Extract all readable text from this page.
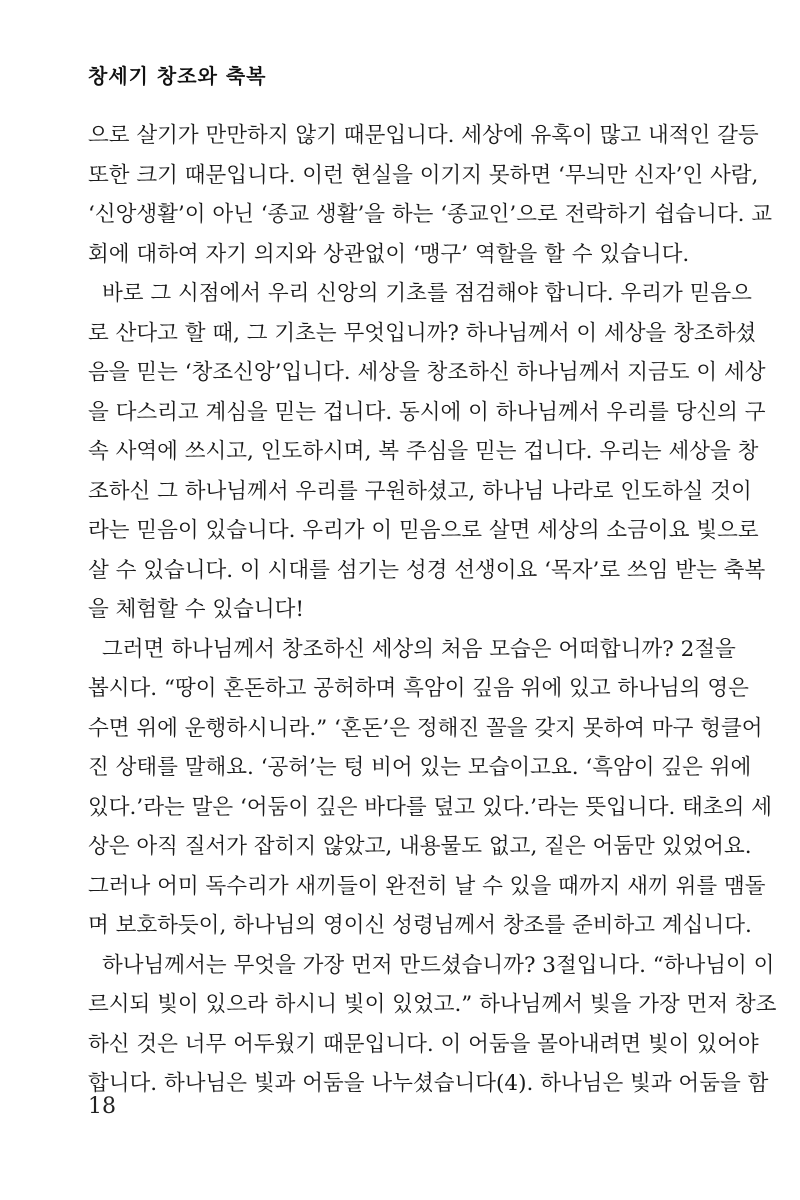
창세기 창조와 축복
으로 살기가 만만하지 않기 때문입니다. 세상에 유혹이 많고 내적인 갈등
또한 크기 때문입니다. 이런 현실을 이기지 못하면 ‘무늬만 신자’인 사람,
‘신앙생활’이 아닌 ‘종교 생활’을 하는 ‘종교인’으로 전락하기 쉽습니다. 교
회에 대하여 자기 의지와 상관없이 ‘맹구’ 역할을 할 수 있습니다.
바로 그 시점에서 우리 신앙의 기초를 점검해야 합니다. 우리가 믿음으
로 산다고 할 때, 그 기초는 무엇입니까? 하나님께서 이 세상을 창조하셨
음을 믿는 ‘창조신앙’입니다. 세상을 창조하신 하나님께서 지금도 이 세상
을 다스리고 계심을 믿는 겁니다. 동시에 이 하나님께서 우리를 당신의 구
속 사역에 쓰시고, 인도하시며, 복 주심을 믿는 겁니다. 우리는 세상을 창
조하신 그 하나님께서 우리를 구원하셨고, 하나님 나라로 인도하실 것이
라는 믿음이 있습니다. 우리가 이 믿음으로 살면 세상의 소금이요 빛으로
살 수 있습니다. 이 시대를 섬기는 성경 선생이요 ‘목자’로 쓰임 받는 축복
을 체험할 수 있습니다!
그러면 하나님께서 창조하신 세상의 처음 모습은 어떠합니까? 2절을
봅시다. “땅이 혼돈하고 공허하며 흑암이 깊음 위에 있고 하나님의 영은
수면 위에 운행하시니라.” ‘혼돈’은 정해진 꼴을 갖지 못하여 마구 헝클어
진 상태를 말해요. ‘공허’는 텅 비어 있는 모습이고요. ‘흑암이 깊은 위에
있다.’라는 말은 ‘어둠이 깊은 바다를 덮고 있다.’라는 뜻입니다. 태초의 세
상은 아직 질서가 잡히지 않았고, 내용물도 없고, 짙은 어둠만 있었어요.
그러나 어미 독수리가 새끼들이 완전히 날 수 있을 때까지 새끼 위를 맴돌
며 보호하듯이, 하나님의 영이신 성령님께서 창조를 준비하고 계십니다.
하나님께서는 무엇을 가장 먼저 만드셨습니까? 3절입니다. “하나님이 이
르시되 빛이 있으라 하시니 빛이 있었고.” 하나님께서 빛을 가장 먼저 창조
하신 것은 너무 어두웠기 때문입니다. 이 어둠을 몰아내려면 빛이 있어야
합니다. 하나님은 빛과 어둠을 나누셨습니다(4). 하나님은 빛과 어둠을 함
18
